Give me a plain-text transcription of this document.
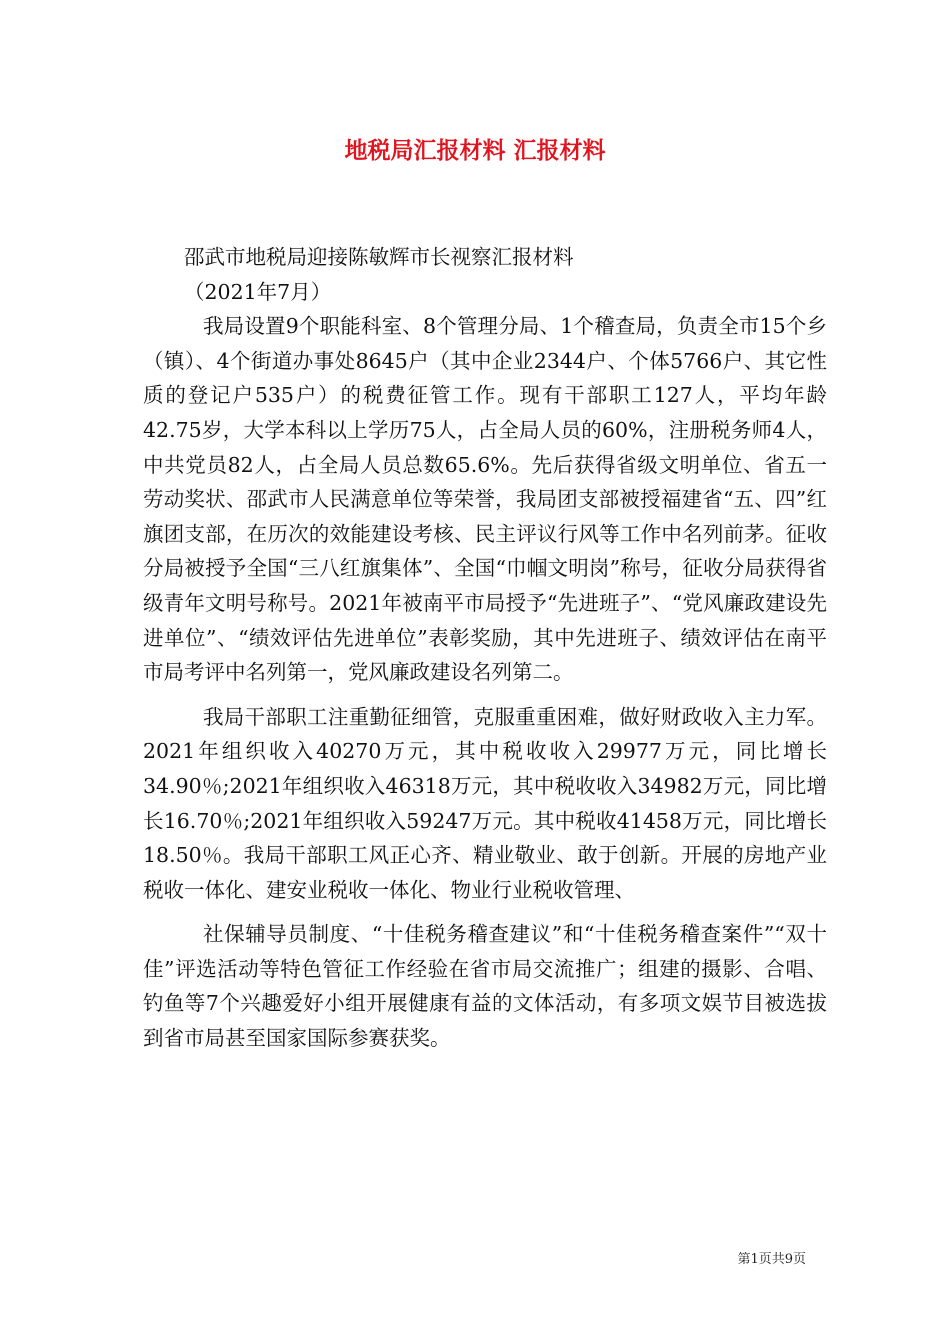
地税局汇报材料 汇报材料

邵武市地税局迎接陈敏辉市长视察汇报材料

（2021年7月）

我局设置9个职能科室、8个管理分局、1个稽查局，负责全市15个乡（镇）、4个街道办事处8645户（其中企业2344户、个体5766户、其它性质的登记户535户）的税费征管工作。现有干部职工127人，平均年龄42.75岁，大学本科以上学历75人，占全局人员的60%，注册税务师4人，中共党员82人，占全局人员总数65.6%。先后获得省级文明单位、省五一劳动奖状、邵武市人民满意单位等荣誉，我局团支部被授福建省“五、四”红旗团支部，在历次的效能建设考核、民主评议行风等工作中名列前茅。征收分局被授予全国“三八红旗集体”、全国“巾帼文明岗”称号，征收分局获得省级青年文明号称号。2021年被南平市局授予“先进班子”、“党风廉政建设先进单位”、“绩效评估先进单位”表彰奖励，其中先进班子、绩效评估在南平市局考评中名列第一，党风廉政建设名列第二。

我局干部职工注重勤征细管，克服重重困难，做好财政收入主力军。2021年组织收入40270万元，其中税收收入29977万元，同比增长34.90％;2021年组织收入46318万元，其中税收收入34982万元，同比增长16.70％;2021年组织收入59247万元。其中税收41458万元，同比增长18.50％。我局干部职工风正心齐、精业敬业、敢于创新。开展的房地产业税收一体化、建安业税收一体化、物业行业税收管理、

社保辅导员制度、“十佳税务稽查建议”和“十佳税务稽查案件”“双十佳”评选活动等特色管征工作经验在省市局交流推广；组建的摄影、合唱、钓鱼等7个兴趣爱好小组开展健康有益的文体活动，有多项文娱节目被选拔到省市局甚至国家国际参赛获奖。

第1页共9页
